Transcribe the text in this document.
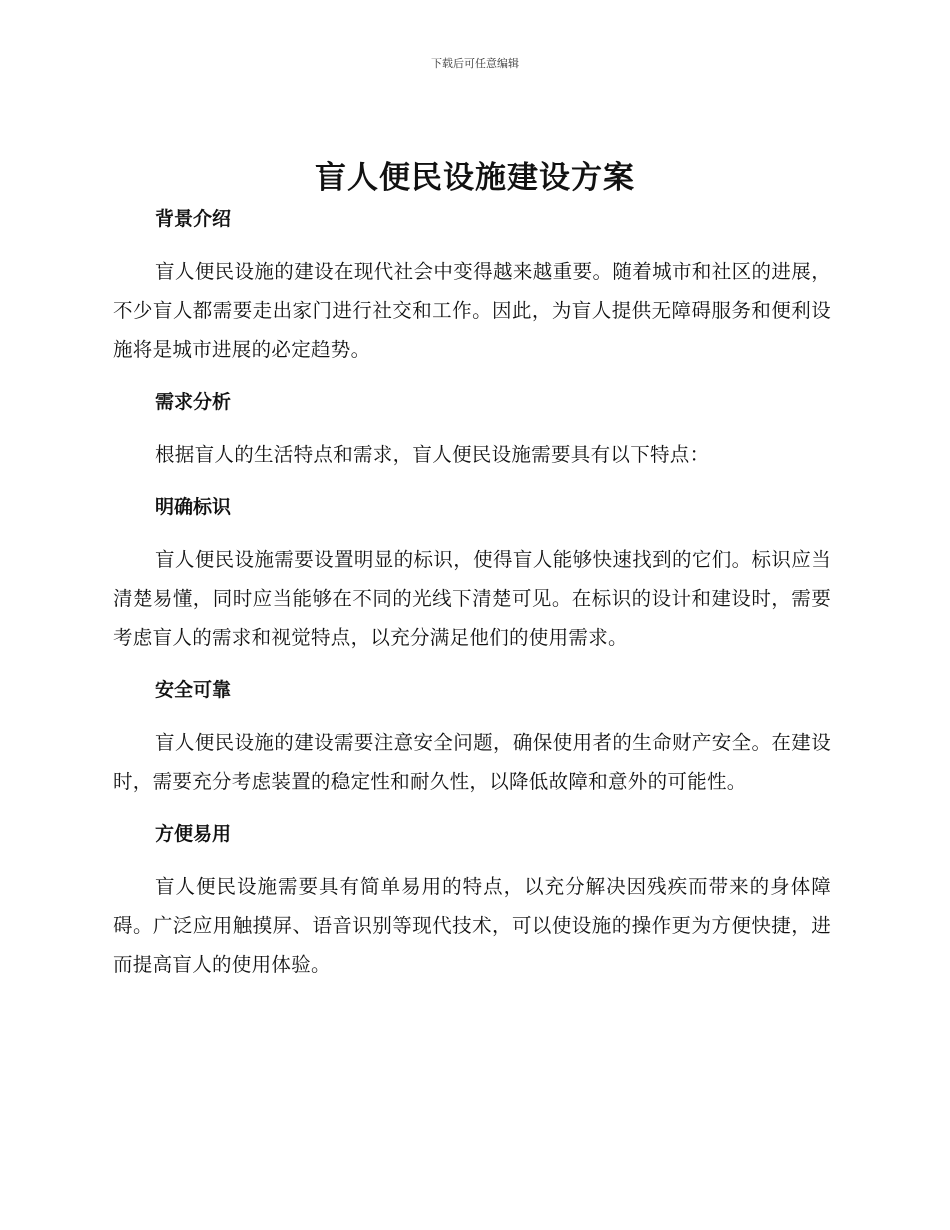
下载后可任意编辑
盲人便民设施建设方案
背景介绍
盲人便民设施的建设在现代社会中变得越来越重要。随着城市和社区的进展，不少盲人都需要走出家门进行社交和工作。因此，为盲人提供无障碍服务和便利设施将是城市进展的必定趋势。
需求分析
根据盲人的生活特点和需求，盲人便民设施需要具有以下特点：
明确标识
盲人便民设施需要设置明显的标识，使得盲人能够快速找到的它们。标识应当清楚易懂，同时应当能够在不同的光线下清楚可见。在标识的设计和建设时，需要考虑盲人的需求和视觉特点，以充分满足他们的使用需求。
安全可靠
盲人便民设施的建设需要注意安全问题，确保使用者的生命财产安全。在建设时，需要充分考虑装置的稳定性和耐久性，以降低故障和意外的可能性。
方便易用
盲人便民设施需要具有简单易用的特点，以充分解决因残疾而带来的身体障碍。广泛应用触摸屏、语音识别等现代技术，可以使设施的操作更为方便快捷，进而提高盲人的使用体验。
